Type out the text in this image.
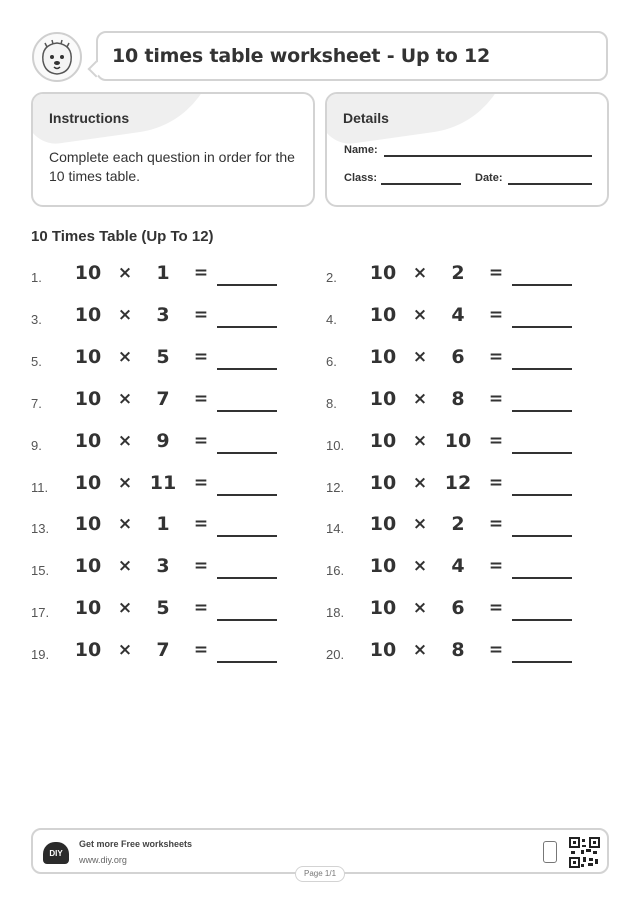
10 times table worksheet - Up to 12
Instructions
Complete each question in order for the 10 times table.
Details
Name:
Class:	Date:
10 Times Table (Up To 12)
1.	10 ×	1	=	2.	10 ×	2	=
3.	10 ×	3	=	4.	10 ×	4	=
5.	10 ×	5	=	6.	10 ×	6	=
7.	10 ×	7	=	8.	10 ×	8	=
9.	10 ×	9	=	10.	10 × 10	=
11.	10 × 11	=	12.	10 × 12	=
13.	10 ×	1	=	14.	10 ×	2	=
15.	10 ×	3	=	16.	10 ×	4	=
17.	10 ×	5	=	18.	10 ×	6	=
19.	10 ×	7	=	20.	10 ×	8	=
DIY
Get more Free worksheets
www.diy.org
Page 1/1
